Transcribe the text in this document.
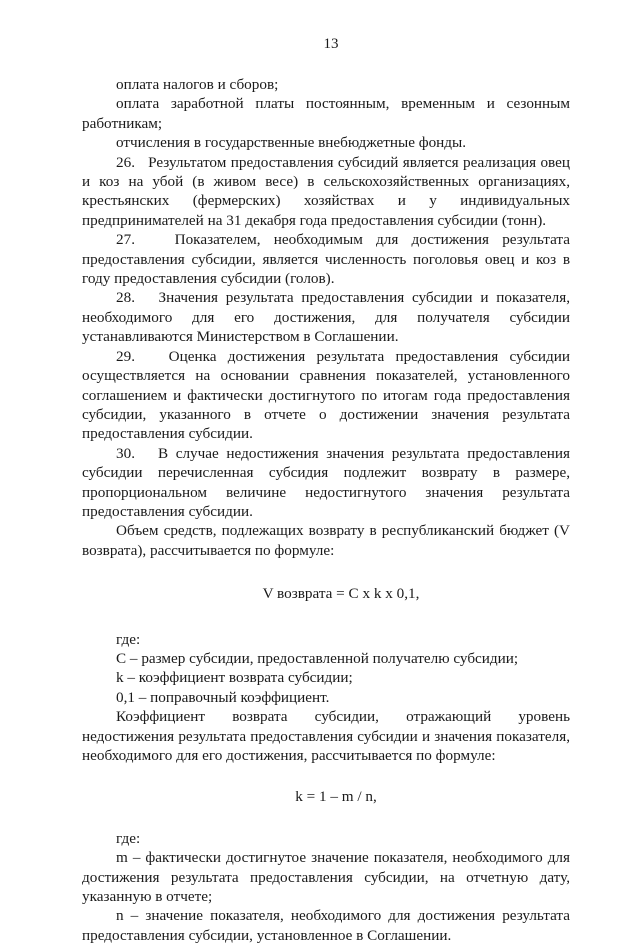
13

оплата налогов и сборов;

оплата заработной платы постоянным, временным и сезонным работникам;

отчисления в государственные внебюджетные фонды.

26.   Результатом предоставления субсидий является реализация овец и коз на убой (в живом весе) в сельскохозяйственных организациях, крестьянских (фермерских) хозяйствах и у индивидуальных предпринимателей на 31 декабря года предоставления субсидии (тонн).

27.   Показателем, необходимым для достижения результата предоставления субсидии, является численность поголовья овец и коз в году предоставления субсидии (голов).

28.   Значения результата предоставления субсидии и показателя, необходимого для его достижения, для получателя субсидии устанавливаются Министерством в Соглашении.

29.   Оценка достижения результата предоставления субсидии осуществляется на основании сравнения показателей, установленного соглашением и фактически достигнутого по итогам года предоставления субсидии, указанного в отчете о достижении значения результата предоставления субсидии.

30.   В случае недостижения значения результата предоставления субсидии перечисленная субсидия подлежит возврату в размере, пропорциональном величине недостигнутого значения результата предоставления субсидии.

Объем средств, подлежащих возврату в республиканский бюджет (V возврата), рассчитывается по формуле:

V возврата = C x k x 0,1,

где:

C – размер субсидии, предоставленной получателю субсидии;

k – коэффициент возврата субсидии;

0,1 – поправочный коэффициент.

Коэффициент возврата субсидии, отражающий уровень недостижения результата предоставления субсидии и значения показателя, необходимого для его достижения, рассчитывается по формуле:

k = 1 – m / n,

где:

m – фактически достигнутое значение показателя, необходимого для достижения результата предоставления субсидии, на отчетную дату, указанную в отчете;

n – значение показателя, необходимого для достижения результата предоставления субсидии, установленное в Соглашении.
